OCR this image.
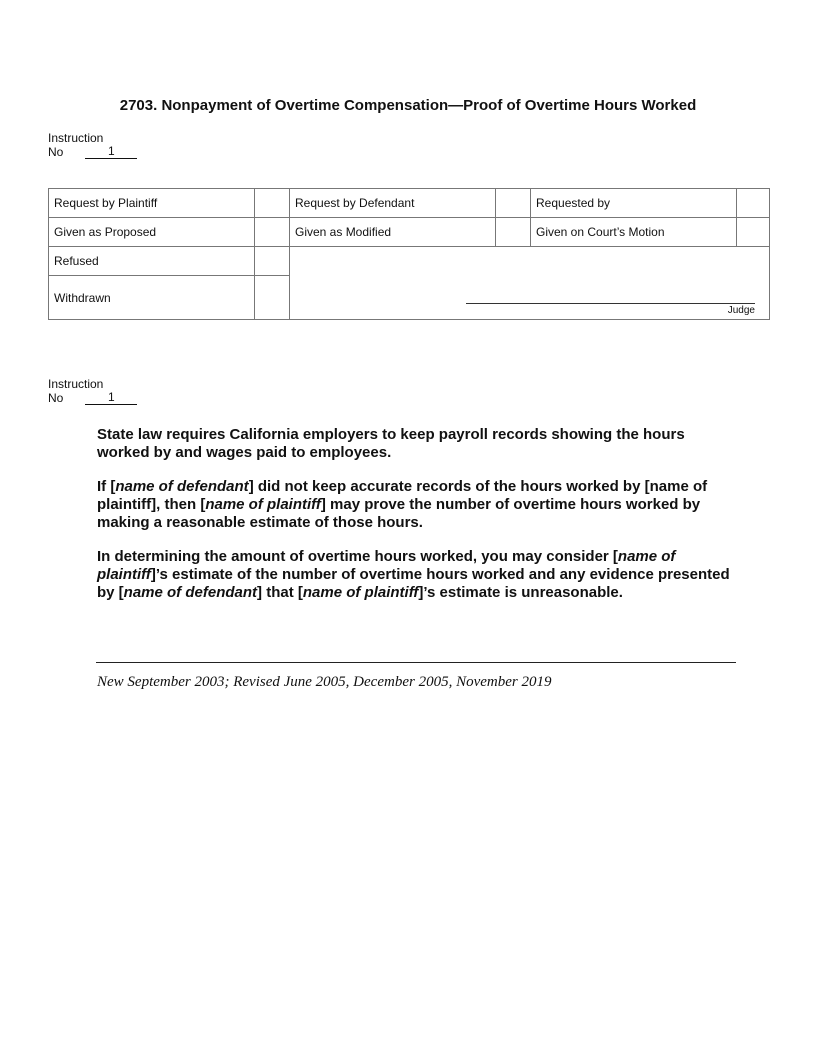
2703. Nonpayment of Overtime Compensation—Proof of Overtime Hours Worked
Instruction
No	1
Request by Plaintiff		Request by Defendant		Requested by	
Given as Proposed		Given as Modified		Given on Court’s Motion	
Refused		Judge			

Withdrawn					
Instruction
No	1

State law requires California employers to keep payroll records showing the hours worked by and wages paid to employees.

If [name of defendant] did not keep accurate records of the hours worked by [name of plaintiff], then [name of plaintiff] may prove the number of overtime hours worked by making a reasonable estimate of those hours.

In determining the amount of overtime hours worked, you may consider [name of plaintiff]’s estimate of the number of overtime hours worked and any evidence presented by [name of defendant] that [name of plaintiff]’s estimate is unreasonable.

New September 2003; Revised June 2005, December 2005, November 2019
